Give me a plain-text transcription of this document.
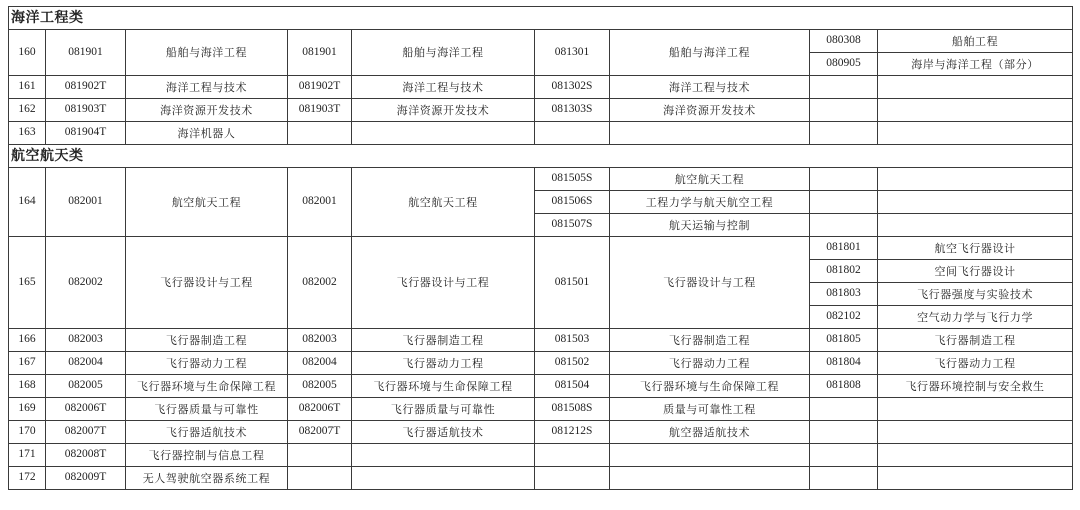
海洋工程类								
160	081901	船舶与海洋工程	081901	船舶与海洋工程	081301	船舶与海洋工程	080308	船舶工程
							080905	海岸与海洋工程（部分）
161	081902T	海洋工程与技术	081902T	海洋工程与技术	081302S	海洋工程与技术		
162	081903T	海洋资源开发技术	081903T	海洋资源开发技术	081303S	海洋资源开发技术		
163	081904T	海洋机器人						
航空航天类								
164	082001	航空航天工程	082001	航空航天工程	081505S	航空航天工程		
					081506S	工程力学与航天航空工程		
					081507S	航天运输与控制		
165	082002	飞行器设计与工程	082002	飞行器设计与工程	081501	飞行器设计与工程	081801	航空飞行器设计
							081802	空间飞行器设计
							081803	飞行器强度与实验技术
							082102	空气动力学与飞行力学
166	082003	飞行器制造工程	082003	飞行器制造工程	081503	飞行器制造工程	081805	飞行器制造工程
167	082004	飞行器动力工程	082004	飞行器动力工程	081502	飞行器动力工程	081804	飞行器动力工程
168	082005	飞行器环境与生命保障工程	082005	飞行器环境与生命保障工程	081504	飞行器环境与生命保障工程	081808	飞行器环境控制与安全救生
169	082006T	飞行器质量与可靠性	082006T	飞行器质量与可靠性	081508S	质量与可靠性工程		
170	082007T	飞行器适航技术	082007T	飞行器适航技术	081212S	航空器适航技术		
171	082008T	飞行器控制与信息工程						
172	082009T	无人驾驶航空器系统工程						
